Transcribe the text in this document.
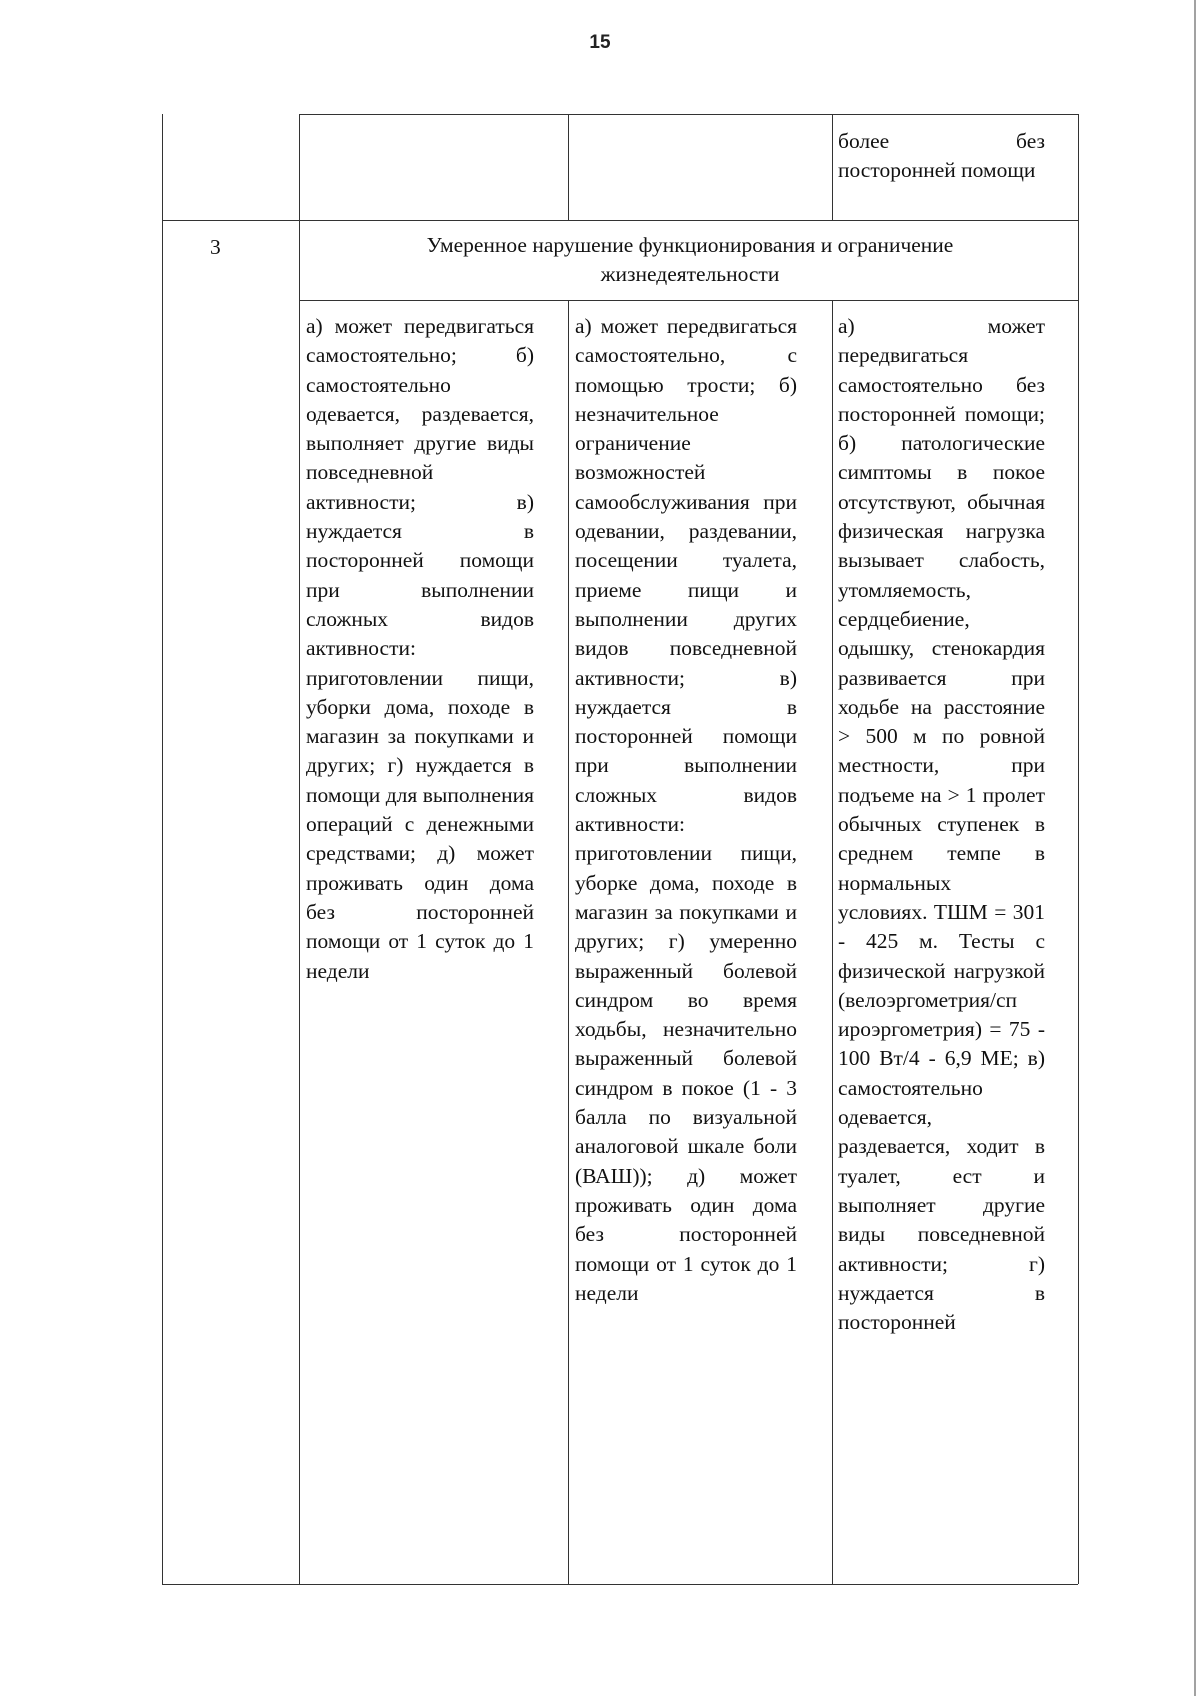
15
более без посторонней помощи
3	Умеренное нарушение функционирования и ограничение жизнедеятельности
а) может передвигаться самостоятельно; б) самостоятельно одевается, раздевается, выполняет другие виды повседневной активности; в) нуждается в посторонней помощи при выполнении сложных видов активности: приготовлении пищи, уборки дома, походе в магазин за покупками и других; г) нуждается в помощи для выполнения операций с денежными средствами; д) может проживать один дома без посторонней помощи от 1 суток до 1 недели
а) может передвигаться самостоятельно, с помощью трости; б) незначительное ограничение возможностей самообслуживания при одевании, раздевании, посещении туалета, приеме пищи и выполнении других видов повседневной активности; в) нуждается в посторонней помощи при выполнении сложных видов активности: приготовлении пищи, уборке дома, походе в магазин за покупками и других; г) умеренно выраженный болевой синдром во время ходьбы, незначительно выраженный болевой синдром в покое (1 - 3 балла по визуальной аналоговой шкале боли (ВАШ)); д) может проживать один дома без посторонней помощи от 1 суток до 1 недели
а) может передвигаться самостоятельно без посторонней помощи; б) патологические симптомы в покое отсутствуют, обычная физическая нагрузка вызывает слабость, утомляемость, сердцебиение, одышку, стенокардия развивается при ходьбе на расстояние > 500 м по ровной местности, при подъеме на > 1 пролет обычных ступенек в среднем темпе в нормальных условиях. ТШМ = 301 - 425 м. Тесты с физической нагрузкой (велоэргометрия/сп ироэргометрия) = 75 - 100 Вт/4 - 6,9 МЕ; в) самостоятельно одевается, раздевается, ходит в туалет, ест и выполняет другие виды повседневной активности; г) нуждается в посторонней
